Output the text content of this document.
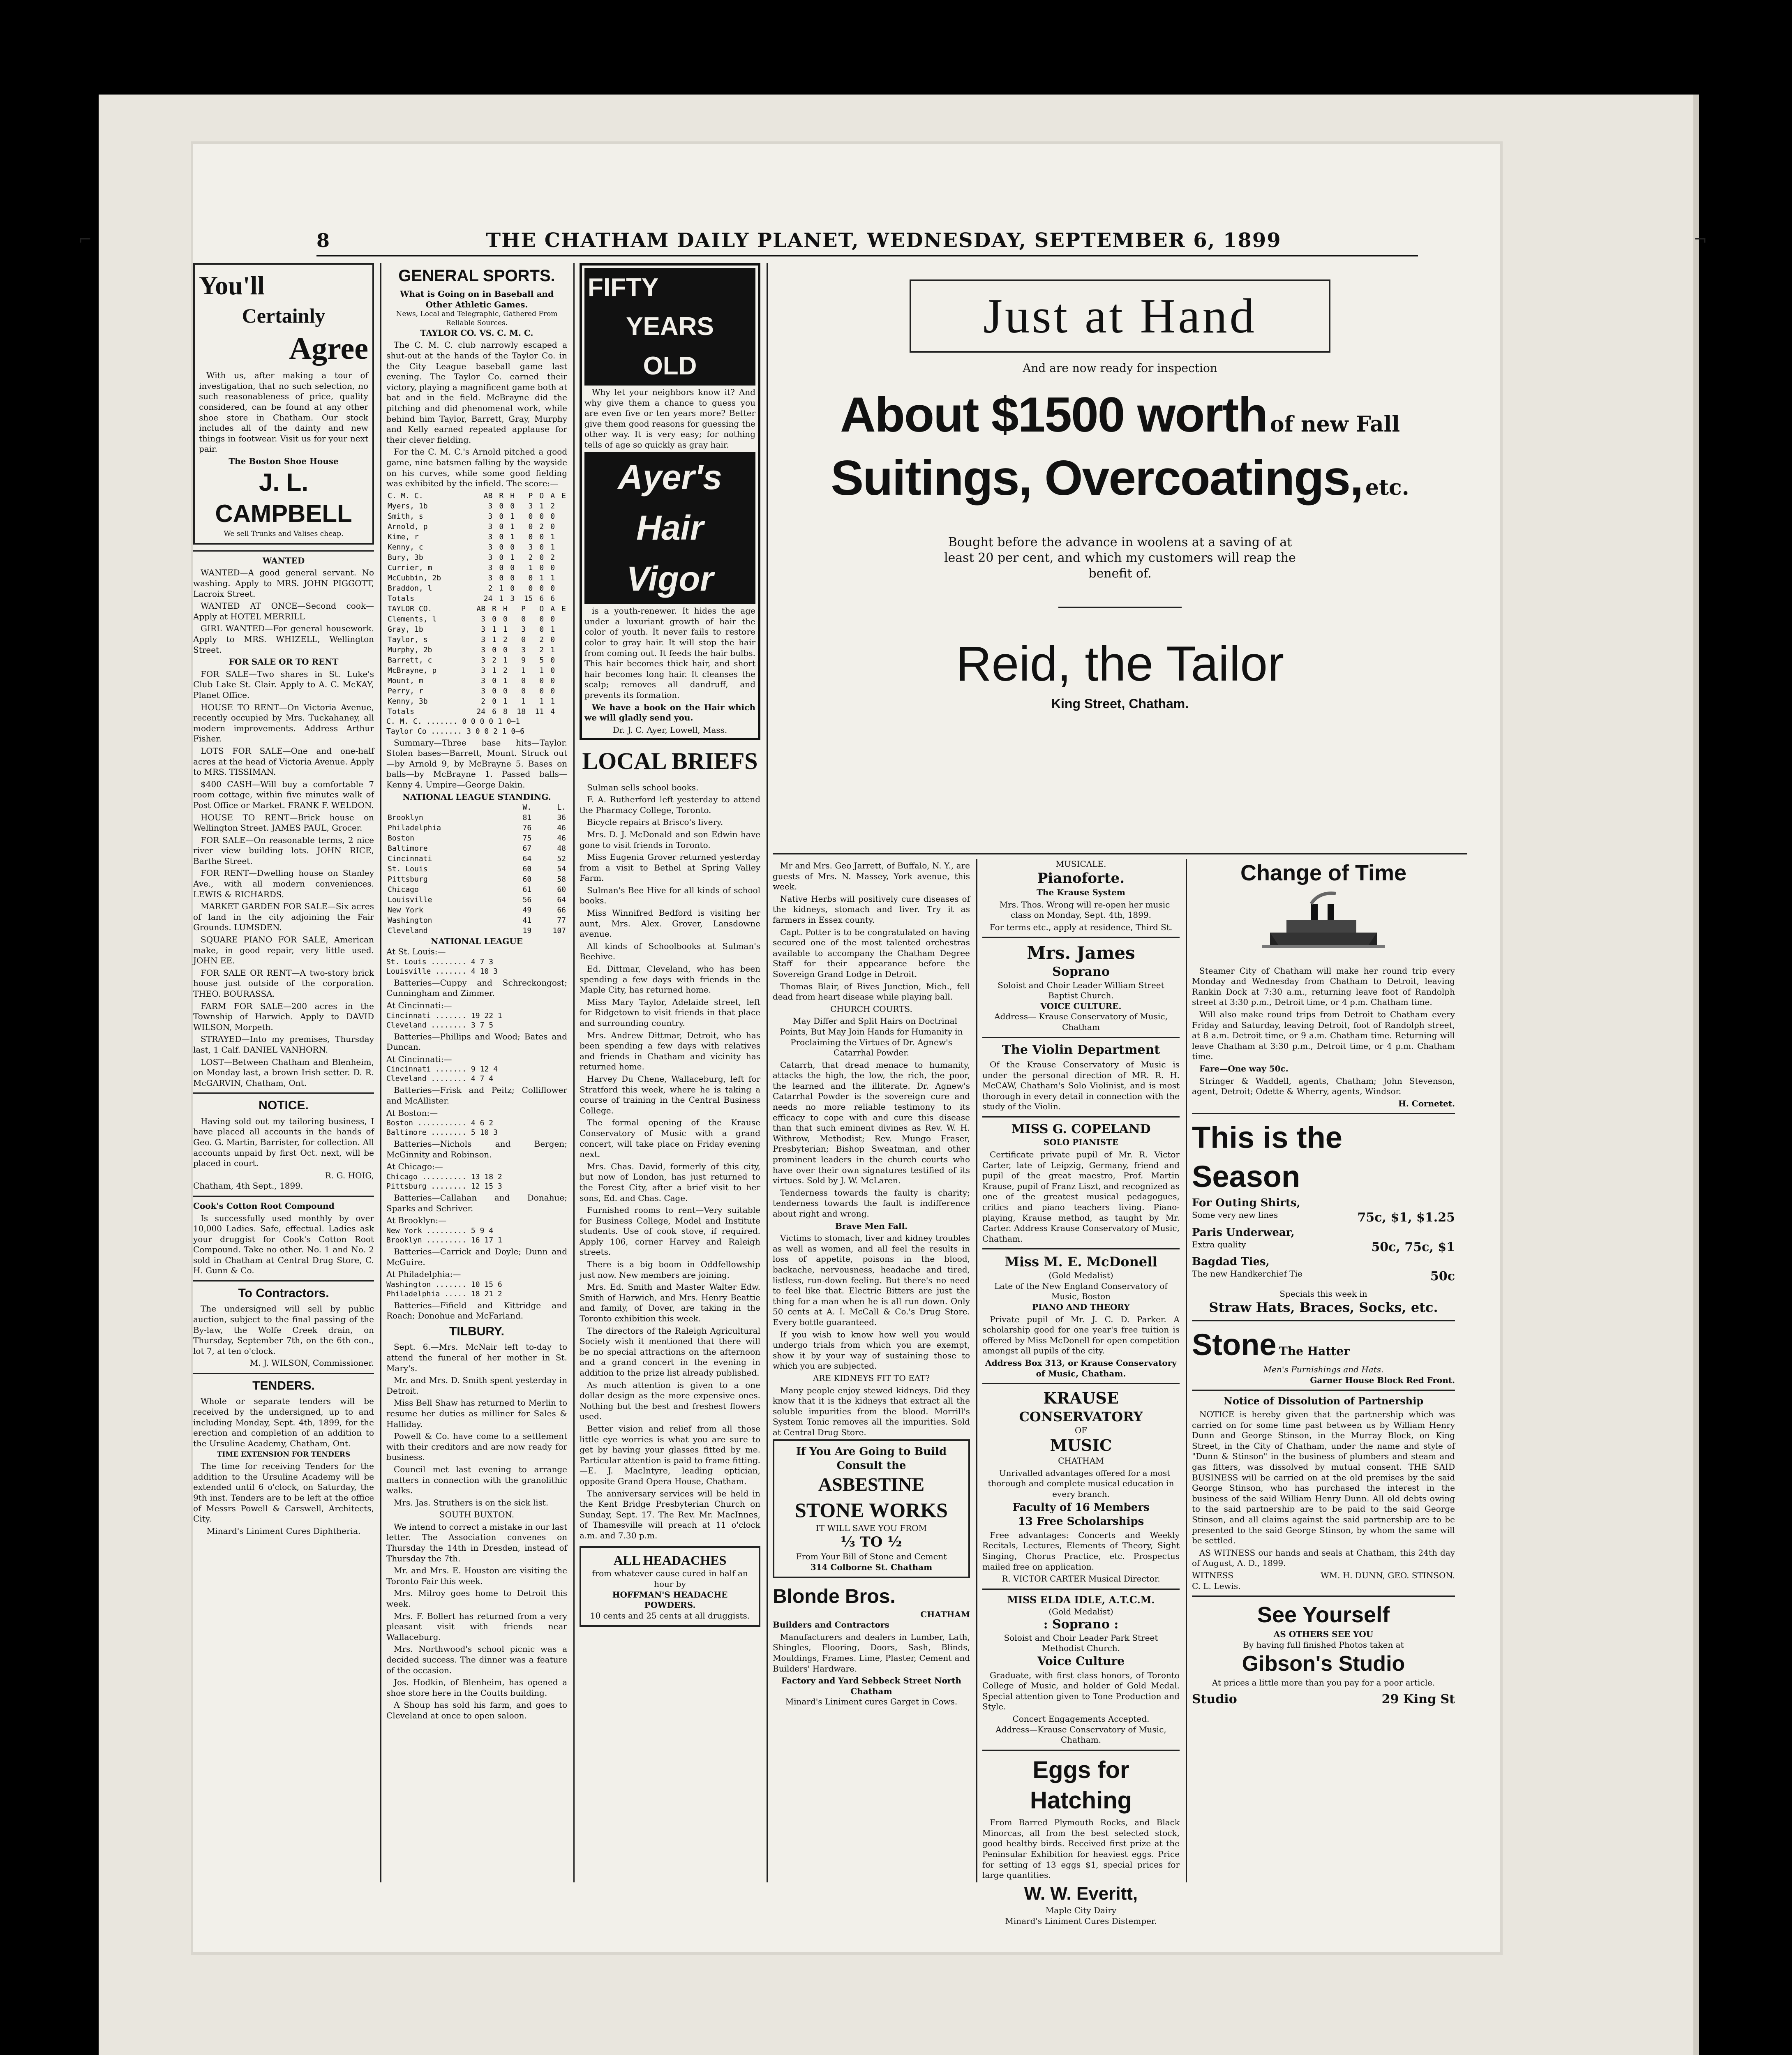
⌐	¬
8	THE CHATHAM DAILY PLANET, WEDNESDAY, SEPTEMBER 6, 1899
You'll
Certainly
Agree

With us, after making a tour of investigation, that no such selection, no such reasonableness of price, quality considered, can be found at any other shoe store in Chatham. Our stock includes all of the dainty and new things in footwear. Visit us for your next pair.

The Boston Shoe House
J. L. CAMPBELL
We sell Trunks and Valises cheap.
WANTED

WANTED—A good general servant. No washing. Apply to MRS. JOHN PIGGOTT, Lacroix Street.

WANTED AT ONCE—Second cook—Apply at HOTEL MERRILL

GIRL WANTED—For general housework. Apply to MRS. WHIZELL, Wellington Street.

FOR SALE OR TO RENT

FOR SALE—Two shares in St. Luke's Club Lake St. Clair. Apply to A. C. McKAY, Planet Office.

HOUSE TO RENT—On Victoria Avenue, recently occupied by Mrs. Tuckahaney, all modern improvements. Address Arthur Fisher.

LOTS FOR SALE—One and one-half acres at the head of Victoria Avenue. Apply to MRS. TISSIMAN.

$400 CASH—Will buy a comfortable 7 room cottage, within five minutes walk of Post Office or Market. FRANK F. WELDON.

HOUSE TO RENT—Brick house on Wellington Street. JAMES PAUL, Grocer.

FOR SALE—On reasonable terms, 2 nice river view building lots. JOHN RICE, Barthe Street.

FOR RENT—Dwelling house on Stanley Ave., with all modern conveniences. LEWIS & RICHARDS.

MARKET GARDEN FOR SALE—Six acres of land in the city adjoining the Fair Grounds. LUMSDEN.

SQUARE PIANO FOR SALE, American make, in good repair, very little used. JOHN EE.

FOR SALE OR RENT—A two-story brick house just outside of the corporation. THEO. BOURASSA.

FARM FOR SALE—200 acres in the Township of Harwich. Apply to DAVID WILSON, Morpeth.

STRAYED—Into my premises, Thursday last, 1 Calf. DANIEL VANHORN.

LOST—Between Chatham and Blenheim, on Monday last, a brown Irish setter. D. R. McGARVIN, Chatham, Ont.

NOTICE.

Having sold out my tailoring business, I have placed all accounts in the hands of Geo. G. Martin, Barrister, for collection. All accounts unpaid by first Oct. next, will be placed in court.

R. G. HOIG,
Chatham, 4th Sept., 1899.
Cook's Cotton Root Compound

Is successfully used monthly by over 10,000 Ladies. Safe, effectual. Ladies ask your druggist for Cook's Cotton Root Compound. Take no other. No. 1 and No. 2 sold in Chatham at Central Drug Store, C. H. Gunn & Co.

To Contractors.

The undersigned will sell by public auction, subject to the final passing of the By-law, the Wolfe Creek drain, on Thursday, September 7th, on the 6th con., lot 7, at ten o'clock.

M. J. WILSON, Commissioner.
TENDERS.

Whole or separate tenders will be received by the undersigned, up to and including Monday, Sept. 4th, 1899, for the erection and completion of an addition to the Ursuline Academy, Chatham, Ont.

TIME EXTENSION FOR TENDERS

The time for receiving Tenders for the addition to the Ursuline Academy will be extended until 6 o'clock, on Saturday, the 9th inst. Tenders are to be left at the office of Messrs Powell & Carswell, Architects, City.

Minard's Liniment Cures Diphtheria.
GENERAL SPORTS.
What is Going on in Baseball and Other Athletic Games.
News, Local and Telegraphic, Gathered From Reliable Sources.
TAYLOR CO. VS. C. M. C.

The C. M. C. club narrowly escaped a shut-out at the hands of the Taylor Co. in the City League baseball game last evening. The Taylor Co. earned their victory, playing a magnificent game both at bat and in the field. McBrayne did the pitching and did phenomenal work, while behind him Taylor, Barrett, Gray, Murphy and Kelly earned repeated applause for their clever fielding.

For the C. M. C.'s Arnold pitched a good game, nine batsmen falling by the wayside on his curves, while some good fielding was exhibited by the infield. The score:—

C. M. C.	AB	R	H	P	O	A	E
Myers, 1b	3	0	0	3	1	2	
Smith, s	3	0	1	0	0	0	
Arnold, p	3	0	1	0	2	0	
Kime, r	3	0	1	0	0	1	
Kenny, c	3	0	0	3	0	1	
Bury, 3b	3	0	1	2	0	2	
Currier, m	3	0	0	1	0	0	
McCubbin, 2b	3	0	0	0	1	1	
Braddon, l	2	1	0	0	0	0	
Totals	24	1	3	15	6	6	
TAYLOR CO.	AB	R	H	P	O	A	E
Clements, l	3	0	0	0	0	0	
Gray, 1b	3	1	1	3	0	1	
Taylor, s	3	1	2	0	2	0	
Murphy, 2b	3	0	0	3	2	1	
Barrett, c	3	2	1	9	5	0	
McBrayne, p	3	1	2	1	1	0	
Mount, m	3	0	1	0	0	0	
Perry, r	3	0	0	0	0	0	
Kenny, 3b	2	0	1	1	1	1	
Totals	24	6	8	18	11	4	
C. M. C. ....... 0 0 0 0 1 0—1
Taylor Co ....... 3 0 0 2 1 0—6

Summary—Three base hits—Taylor. Stolen bases—Barrett, Mount. Struck out—by Arnold 9, by McBrayne 5. Bases on balls—by McBrayne 1. Passed balls—Kenny 4. Umpire—George Dakin.

NATIONAL LEAGUE STANDING.
	W.	L.
Brooklyn	81	36
Philadelphia	76	46
Boston	75	46
Baltimore	67	48
Cincinnati	64	52
St. Louis	60	54
Pittsburg	60	58
Chicago	61	60
Louisville	56	64
New York	49	66
Washington	41	77
Cleveland	19	107
NATIONAL LEAGUE
At St. Louis:—
St. Louis ........ 4 7 3
Louisville ....... 4 10 3

Batteries—Cuppy and Schreckongost; Cunningham and Zimmer.

At Cincinnati:—
Cincinnati ....... 19 22 1
Cleveland ........ 3 7 5

Batteries—Phillips and Wood; Bates and Duncan.

At Cincinnati:—
Cincinnati ....... 9 12 4
Cleveland ........ 4 7 4

Batteries—Frisk and Peitz; Colliflower and McAllister.

At Boston:—
Boston ........... 4 6 2
Baltimore ........ 5 10 3

Batteries—Nichols and Bergen; McGinnity and Robinson.

At Chicago:—
Chicago .......... 13 18 2
Pittsburg ........ 12 15 3

Batteries—Callahan and Donahue; Sparks and Schriver.

At Brooklyn:—
New York ......... 5 9 4
Brooklyn ......... 16 17 1

Batteries—Carrick and Doyle; Dunn and McGuire.

At Philadelphia:—
Washington ....... 10 15 6
Philadelphia ..... 18 21 2

Batteries—Fifield and Kittridge and Roach; Donohue and McFarland.

TILBURY.

Sept. 6.—Mrs. McNair left to-day to attend the funeral of her mother in St. Mary's.

Mr. and Mrs. D. Smith spent yesterday in Detroit.

Miss Bell Shaw has returned to Merlin to resume her duties as milliner for Sales & Halliday.

Powell & Co. have come to a settlement with their creditors and are now ready for business.

Council met last evening to arrange matters in connection with the granolithic walks.

Mrs. Jas. Struthers is on the sick list.

SOUTH BUXTON.

We intend to correct a mistake in our last letter. The Association convenes on Thursday the 14th in Dresden, instead of Thursday the 7th.

Mr. and Mrs. E. Houston are visiting the Toronto Fair this week.

Mrs. Milroy goes home to Detroit this week.

Mrs. F. Bollert has returned from a very pleasant visit with friends near Wallaceburg.

Mrs. Northwood's school picnic was a decided success. The dinner was a feature of the occasion.

Jos. Hodkin, of Blenheim, has opened a shoe store here in the Coutts building.

A Shoup has sold his farm, and goes to Cleveland at once to open saloon.

FIFTY
YEARS
OLD

Why let your neighbors know it? And why give them a chance to guess you are even five or ten years more? Better give them good reasons for guessing the other way. It is very easy; for nothing tells of age so quickly as gray hair.

Ayer's
Hair
Vigor

is a youth-renewer. It hides the age under a luxuriant growth of hair the color of youth. It never fails to restore color to gray hair. It will stop the hair from coming out. It feeds the hair bulbs. This hair becomes thick hair, and short hair becomes long hair. It cleanses the scalp; removes all dandruff, and prevents its formation.

We have a book on the Hair which we will gladly send you.

Dr. J. C. Ayer, Lowell, Mass.
LOCAL BRIEFS

Sulman sells school books.

F. A. Rutherford left yesterday to attend the Pharmacy College, Toronto.

Bicycle repairs at Brisco's livery.

Mrs. D. J. McDonald and son Edwin have gone to visit friends in Toronto.

Miss Eugenia Grover returned yesterday from a visit to Bethel at Spring Valley Farm.

Sulman's Bee Hive for all kinds of school books.

Miss Winnifred Bedford is visiting her aunt, Mrs. Alex. Grover, Lansdowne avenue.

All kinds of Schoolbooks at Sulman's Beehive.

Ed. Dittmar, Cleveland, who has been spending a few days with friends in the Maple City, has returned home.

Miss Mary Taylor, Adelaide street, left for Ridgetown to visit friends in that place and surrounding country.

Mrs. Andrew Dittmar, Detroit, who has been spending a few days with relatives and friends in Chatham and vicinity has returned home.

Harvey Du Chene, Wallaceburg, left for Stratford this week, where he is taking a course of training in the Central Business College.

The formal opening of the Krause Conservatory of Music with a grand concert, will take place on Friday evening next.

Mrs. Chas. David, formerly of this city, but now of London, has just returned to the Forest City, after a brief visit to her sons, Ed. and Chas. Cage.

Furnished rooms to rent—Very suitable for Business College, Model and Institute students. Use of cook stove, if required. Apply 106, corner Harvey and Raleigh streets.

There is a big boom in Oddfellowship just now. New members are joining.

Mrs. Ed. Smith and Master Walter Edw. Smith of Harwich, and Mrs. Henry Beattie and family, of Dover, are taking in the Toronto exhibition this week.

The directors of the Raleigh Agricultural Society wish it mentioned that there will be no special attractions on the afternoon and a grand concert in the evening in addition to the prize list already published.

As much attention is given to a one dollar design as the more expensive ones. Nothing but the best and freshest flowers used.

Better vision and relief from all those little eye worries is what you are sure to get by having your glasses fitted by me. Particular attention is paid to frame fitting.—E. J. MacIntyre, leading optician, opposite Grand Opera House, Chatham.

The anniversary services will be held in the Kent Bridge Presbyterian Church on Sunday, Sept. 17. The Rev. Mr. MacInnes, of Thamesville will preach at 11 o'clock a.m. and 7.30 p.m.

ALL HEADACHES
from whatever cause cured in half an hour by
HOFFMAN'S HEADACHE POWDERS.
10 cents and 25 cents at all druggists.
Just at Hand
And are now ready for inspection
About $1500 worth of new Fall
Suitings, Overcoatings, etc.
Bought before the advance in woolens at a saving of at least 20 per cent, and which my customers will reap the benefit of.
Reid, the Tailor
King Street, Chatham.

Mr and Mrs. Geo Jarrett, of Buffalo, N. Y., are guests of Mrs. N. Massey, York avenue, this week.

Native Herbs will positively cure diseases of the kidneys, stomach and liver. Try it as farmers in Essex county.

Capt. Potter is to be congratulated on having secured one of the most talented orchestras available to accompany the Chatham Degree Staff for their appearance before the Sovereign Grand Lodge in Detroit.

Thomas Blair, of Rives Junction, Mich., fell dead from heart disease while playing ball.

CHURCH COURTS.

May Differ and Split Hairs on Doctrinal Points, But May Join Hands for Humanity in Proclaiming the Virtues of Dr. Agnew's Catarrhal Powder.

Catarrh, that dread menace to humanity, attacks the high, the low, the rich, the poor, the learned and the illiterate. Dr. Agnew's Catarrhal Powder is the sovereign cure and needs no more reliable testimony to its efficacy to cope with and cure this disease than that such eminent divines as Rev. W. H. Withrow, Methodist; Rev. Mungo Fraser, Presbyterian; Bishop Sweatman, and other prominent leaders in the church courts who have over their own signatures testified of its virtues. Sold by J. W. McLaren.

Tenderness towards the faulty is charity; tenderness towards the fault is indifference about right and wrong.

Brave Men Fall.

Victims to stomach, liver and kidney troubles as well as women, and all feel the results in loss of appetite, poisons in the blood, backache, nervousness, headache and tired, listless, run-down feeling. But there's no need to feel like that. Electric Bitters are just the thing for a man when he is all run down. Only 50 cents at A. I. McCall & Co.'s Drug Store. Every bottle guaranteed.

If you wish to know how well you would undergo trials from which you are exempt, show it by your way of sustaining those to which you are subjected.

ARE KIDNEYS FIT TO EAT?

Many people enjoy stewed kidneys. Did they know that it is the kidneys that extract all the soluble impurities from the blood. Morrill's System Tonic removes all the impurities. Sold at Central Drug Store.

If You Are Going to Build
Consult the
ASBESTINE
STONE WORKS
IT WILL SAVE YOU FROM
⅓ TO ½
From Your Bill of Stone and Cement
314 Colborne St. Chatham
Blonde Bros.
CHATHAM
Builders and Contractors

Manufacturers and dealers in Lumber, Lath, Shingles, Flooring, Doors, Sash, Blinds, Mouldings, Frames. Lime, Plaster, Cement and Builders' Hardware.

Factory and Yard Sebbeck Street North Chatham
Minard's Liniment cures Garget in Cows.
MUSICALE.
Pianoforte.
The Krause System

Mrs. Thos. Wrong will re-open her music class on Monday, Sept. 4th, 1899.

For terms etc., apply at residence, Third St.
Mrs. James
Soprano
Soloist and Choir Leader William Street Baptist Church.
VOICE CULTURE.
Address— Krause Conservatory of Music, Chatham
The Violin Department

Of the Krause Conservatory of Music is under the personal direction of MR. R. H. McCAW, Chatham's Solo Violinist, and is most thorough in every detail in connection with the study of the Violin.

MISS G. COPELAND
SOLO PIANISTE

Certificate private pupil of Mr. R. Victor Carter, late of Leipzig, Germany, friend and pupil of the great maestro, Prof. Martin Krause, pupil of Franz Liszt, and recognized as one of the greatest musical pedagogues, critics and piano teachers living. Piano-playing, Krause method, as taught by Mr. Carter. Address Krause Conservatory of Music, Chatham.

Miss M. E. McDonell
(Gold Medalist)
Late of the New England Conservatory of Music, Boston
PIANO AND THEORY

Private pupil of Mr. J. C. D. Parker. A scholarship good for one year's free tuition is offered by Miss McDonell for open competition amongst all pupils of the city.

Address Box 313, or Krause Conservatory of Music, Chatham.
KRAUSE
CONSERVATORY
OF
MUSIC
CHATHAM

Unrivalled advantages offered for a most thorough and complete musical education in every branch.

Faculty of 16 Members
13 Free Scholarships

Free advantages: Concerts and Weekly Recitals, Lectures, Elements of Theory, Sight Singing, Chorus Practice, etc. Prospectus mailed free on application.

R. VICTOR CARTER Musical Director.
MISS ELDA IDLE, A.T.C.M.
(Gold Medalist)
: Soprano :
Soloist and Choir Leader Park Street Methodist Church.
Voice Culture

Graduate, with first class honors, of Toronto College of Music, and holder of Gold Medal. Special attention given to Tone Production and Style.

Concert Engagements Accepted.
Address—Krause Conservatory of Music, Chatham.
Eggs for
Hatching

From Barred Plymouth Rocks, and Black Minorcas, all from the best selected stock, good healthy birds. Received first prize at the Peninsular Exhibition for heaviest eggs. Price for setting of 13 eggs $1, special prices for large quantities.

W. W. Everitt,
Maple City Dairy
Minard's Liniment Cures Distemper.
Change of Time

Steamer City of Chatham will make her round trip every Monday and Wednesday from Chatham to Detroit, leaving Rankin Dock at 7:30 a.m., returning leave foot of Randolph street at 3:30 p.m., Detroit time, or 4 p.m. Chatham time.

Will also make round trips from Detroit to Chatham every Friday and Saturday, leaving Detroit, foot of Randolph street, at 8 a.m. Detroit time, or 9 a.m. Chatham time. Returning will leave Chatham at 3:30 p.m., Detroit time, or 4 p.m. Chatham time.

Fare—One way 50c.

Stringer & Waddell, agents, Chatham; John Stevenson, agent, Detroit; Odette & Wherry, agents, Windsor.

H. Cornetet.
This is the
Season
For Outing Shirts,
Some very new lines	75c, $1, $1.25
Paris Underwear,
Extra quality	50c, 75c, $1
Bagdad Ties,
The new Handkerchief Tie	50c
Specials this week in
Straw Hats, Braces, Socks, etc.
Stone The Hatter
Men's Furnishings and Hats.
Garner House Block Red Front.
Notice of Dissolution of Partnership

NOTICE is hereby given that the partnership which was carried on for some time past between us by William Henry Dunn and George Stinson, in the Murray Block, on King Street, in the City of Chatham, under the name and style of "Dunn & Stinson" in the business of plumbers and steam and gas fitters, was dissolved by mutual consent. THE SAID BUSINESS will be carried on at the old premises by the said George Stinson, who has purchased the interest in the business of the said William Henry Dunn. All old debts owing to the said partnership are to be paid to the said George Stinson, and all claims against the said partnership are to be presented to the said George Stinson, by whom the same will be settled.

AS WITNESS our hands and seals at Chatham, this 24th day of August, A. D., 1899.

WITNESS	WM. H. DUNN, GEO. STINSON.
C. L. Lewis.
See Yourself
AS OTHERS SEE YOU
By having full finished Photos taken at
Gibson's Studio
At prices a little more than you pay for a poor article.
Studio	29 King St
